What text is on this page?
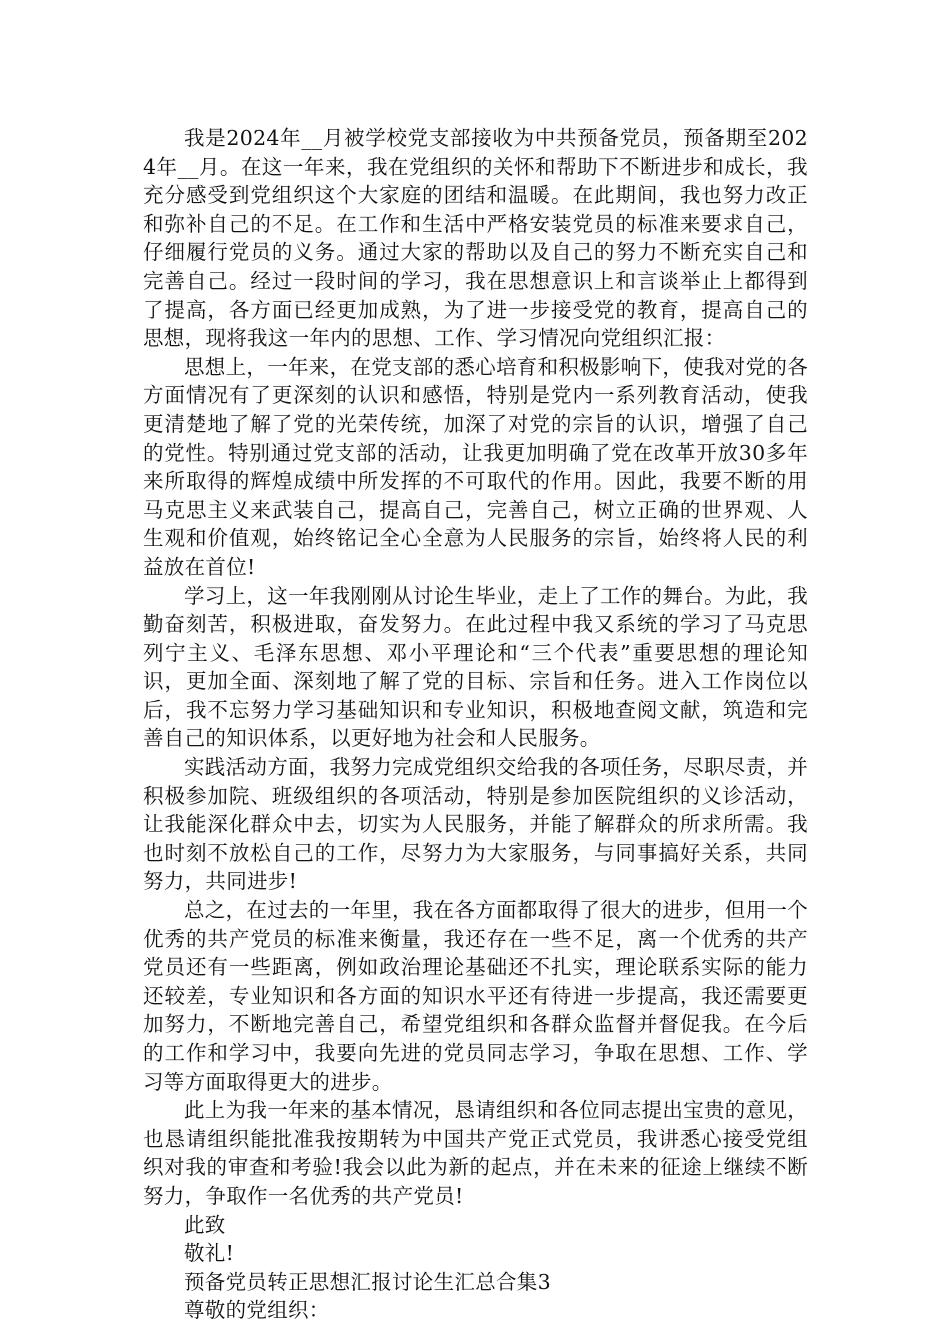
我是2024年__月被学校党支部接收为中共预备党员，预备期至2024年__月。在这一年来，我在党组织的关怀和帮助下不断进步和成长，我充分感受到党组织这个大家庭的团结和温暖。在此期间，我也努力改正和弥补自己的不足。在工作和生活中严格安装党员的标准来要求自己，仔细履行党员的义务。通过大家的帮助以及自己的努力不断充实自己和完善自己。经过一段时间的学习，我在思想意识上和言谈举止上都得到了提高，各方面已经更加成熟，为了进一步接受党的教育，提高自己的思想，现将我这一年内的思想、工作、学习情况向党组织汇报：

思想上，一年来，在党支部的悉心培育和积极影响下，使我对党的各方面情况有了更深刻的认识和感悟，特别是党内一系列教育活动，使我更清楚地了解了党的光荣传统，加深了对党的宗旨的认识，增强了自己的党性。特别通过党支部的活动，让我更加明确了党在改革开放30多年来所取得的辉煌成绩中所发挥的不可取代的作用。因此，我要不断的用马克思主义来武装自己，提高自己，完善自己，树立正确的世界观、人生观和价值观，始终铭记全心全意为人民服务的宗旨，始终将人民的利益放在首位!

学习上，这一年我刚刚从讨论生毕业，走上了工作的舞台。为此，我勤奋刻苦，积极进取，奋发努力。在此过程中我又系统的学习了马克思列宁主义、毛泽东思想、邓小平理论和“三个代表”重要思想的理论知识，更加全面、深刻地了解了党的目标、宗旨和任务。进入工作岗位以后，我不忘努力学习基础知识和专业知识，积极地查阅文献，筑造和完善自己的知识体系，以更好地为社会和人民服务。

实践活动方面，我努力完成党组织交给我的各项任务，尽职尽责，并积极参加院、班级组织的各项活动，特别是参加医院组织的义诊活动，让我能深化群众中去，切实为人民服务，并能了解群众的所求所需。我也时刻不放松自己的工作，尽努力为大家服务，与同事搞好关系，共同努力，共同进步!

总之，在过去的一年里，我在各方面都取得了很大的进步，但用一个优秀的共产党员的标准来衡量，我还存在一些不足，离一个优秀的共产党员还有一些距离，例如政治理论基础还不扎实，理论联系实际的能力还较差，专业知识和各方面的知识水平还有待进一步提高，我还需要更加努力，不断地完善自己，希望党组织和各群众监督并督促我。在今后的工作和学习中，我要向先进的党员同志学习，争取在思想、工作、学习等方面取得更大的进步。

此上为我一年来的基本情况，恳请组织和各位同志提出宝贵的意见，也恳请组织能批准我按期转为中国共产党正式党员，我讲悉心接受党组织对我的审查和考验!我会以此为新的起点，并在未来的征途上继续不断努力，争取作一名优秀的共产党员!

此致

敬礼!

预备党员转正思想汇报讨论生汇总合集3

尊敬的党组织：
